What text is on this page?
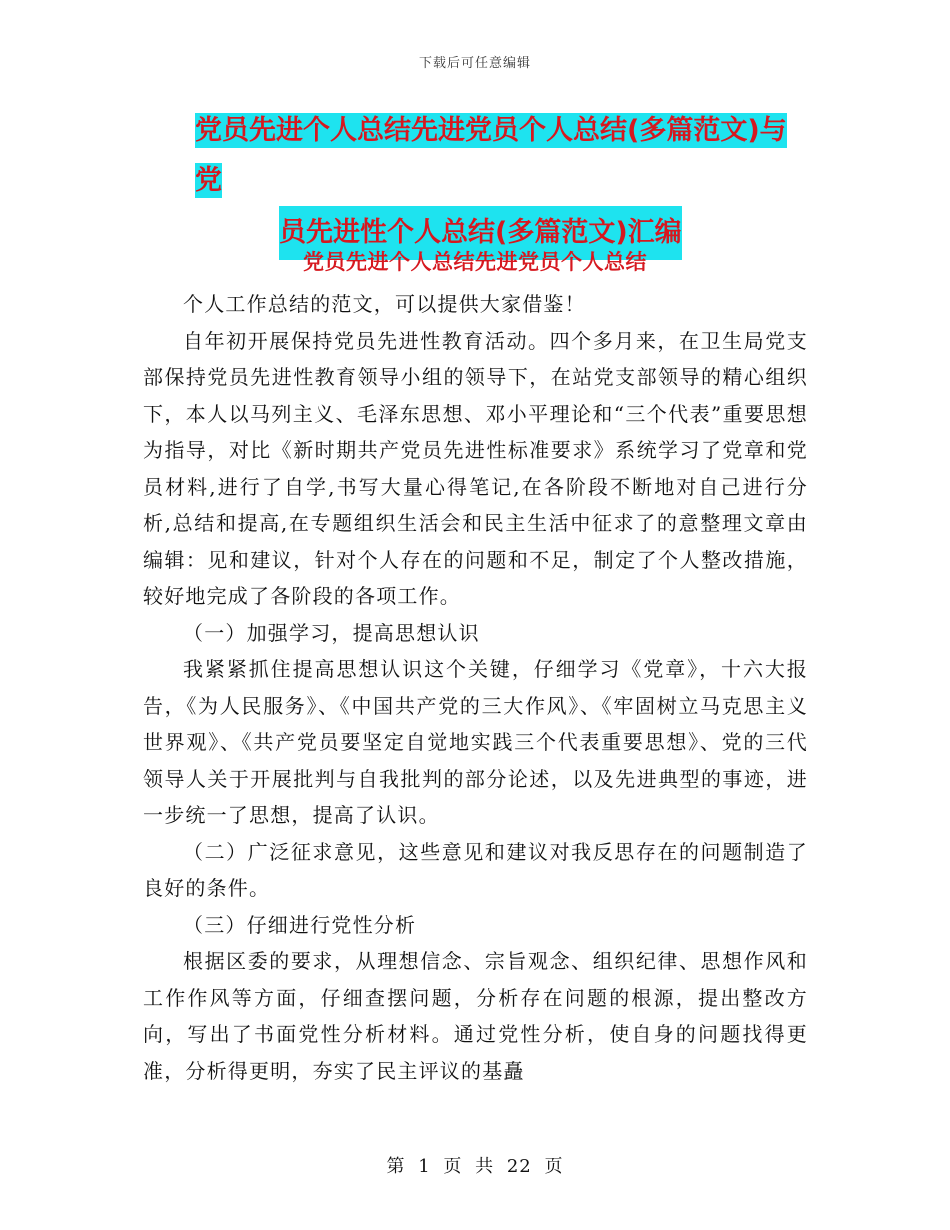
下载后可任意编辑
党员先进个人总结先进党员个人总结(多篇范文)与党
员先进性个人总结(多篇范文)汇编
党员先进个人总结先进党员个人总结

个人工作总结的范文，可以提供大家借鉴！

自年初开展保持党员先进性教育活动。四个多月来，在卫生局党支部保持党员先进性教育领导小组的领导下，在站党支部领导的精心组织下，本人以马列主义、毛泽东思想、邓小平理论和“三个代表”重要思想为指导，对比《新时期共产党员先进性标准要求》系统学习了党章和党员材料,进行了自学,书写大量心得笔记,在各阶段不断地对自己进行分析,总结和提高,在专题组织生活会和民主生活中征求了的意整理文章由编辑：见和建议，针对个人存在的问题和不足，制定了个人整改措施，较好地完成了各阶段的各项工作。

（一）加强学习，提高思想认识

我紧紧抓住提高思想认识这个关键，仔细学习《党章》，十六大报告，《为人民服务》、《中国共产党的三大作风》、《牢固树立马克思主义世界观》、《共产党员要坚定自觉地实践三个代表重要思想》、党的三代领导人关于开展批判与自我批判的部分论述，以及先进典型的事迹，进一步统一了思想，提高了认识。

（二）广泛征求意见，这些意见和建议对我反思存在的问题制造了良好的条件。

（三）仔细进行党性分析

根据区委的要求，从理想信念、宗旨观念、组织纪律、思想作风和工作作风等方面，仔细查摆问题，分析存在问题的根源，提出整改方向，写出了书面党性分析材料。通过党性分析，使自身的问题找得更准，分析得更明，夯实了民主评议的基矗

第 1 页 共 22 页
